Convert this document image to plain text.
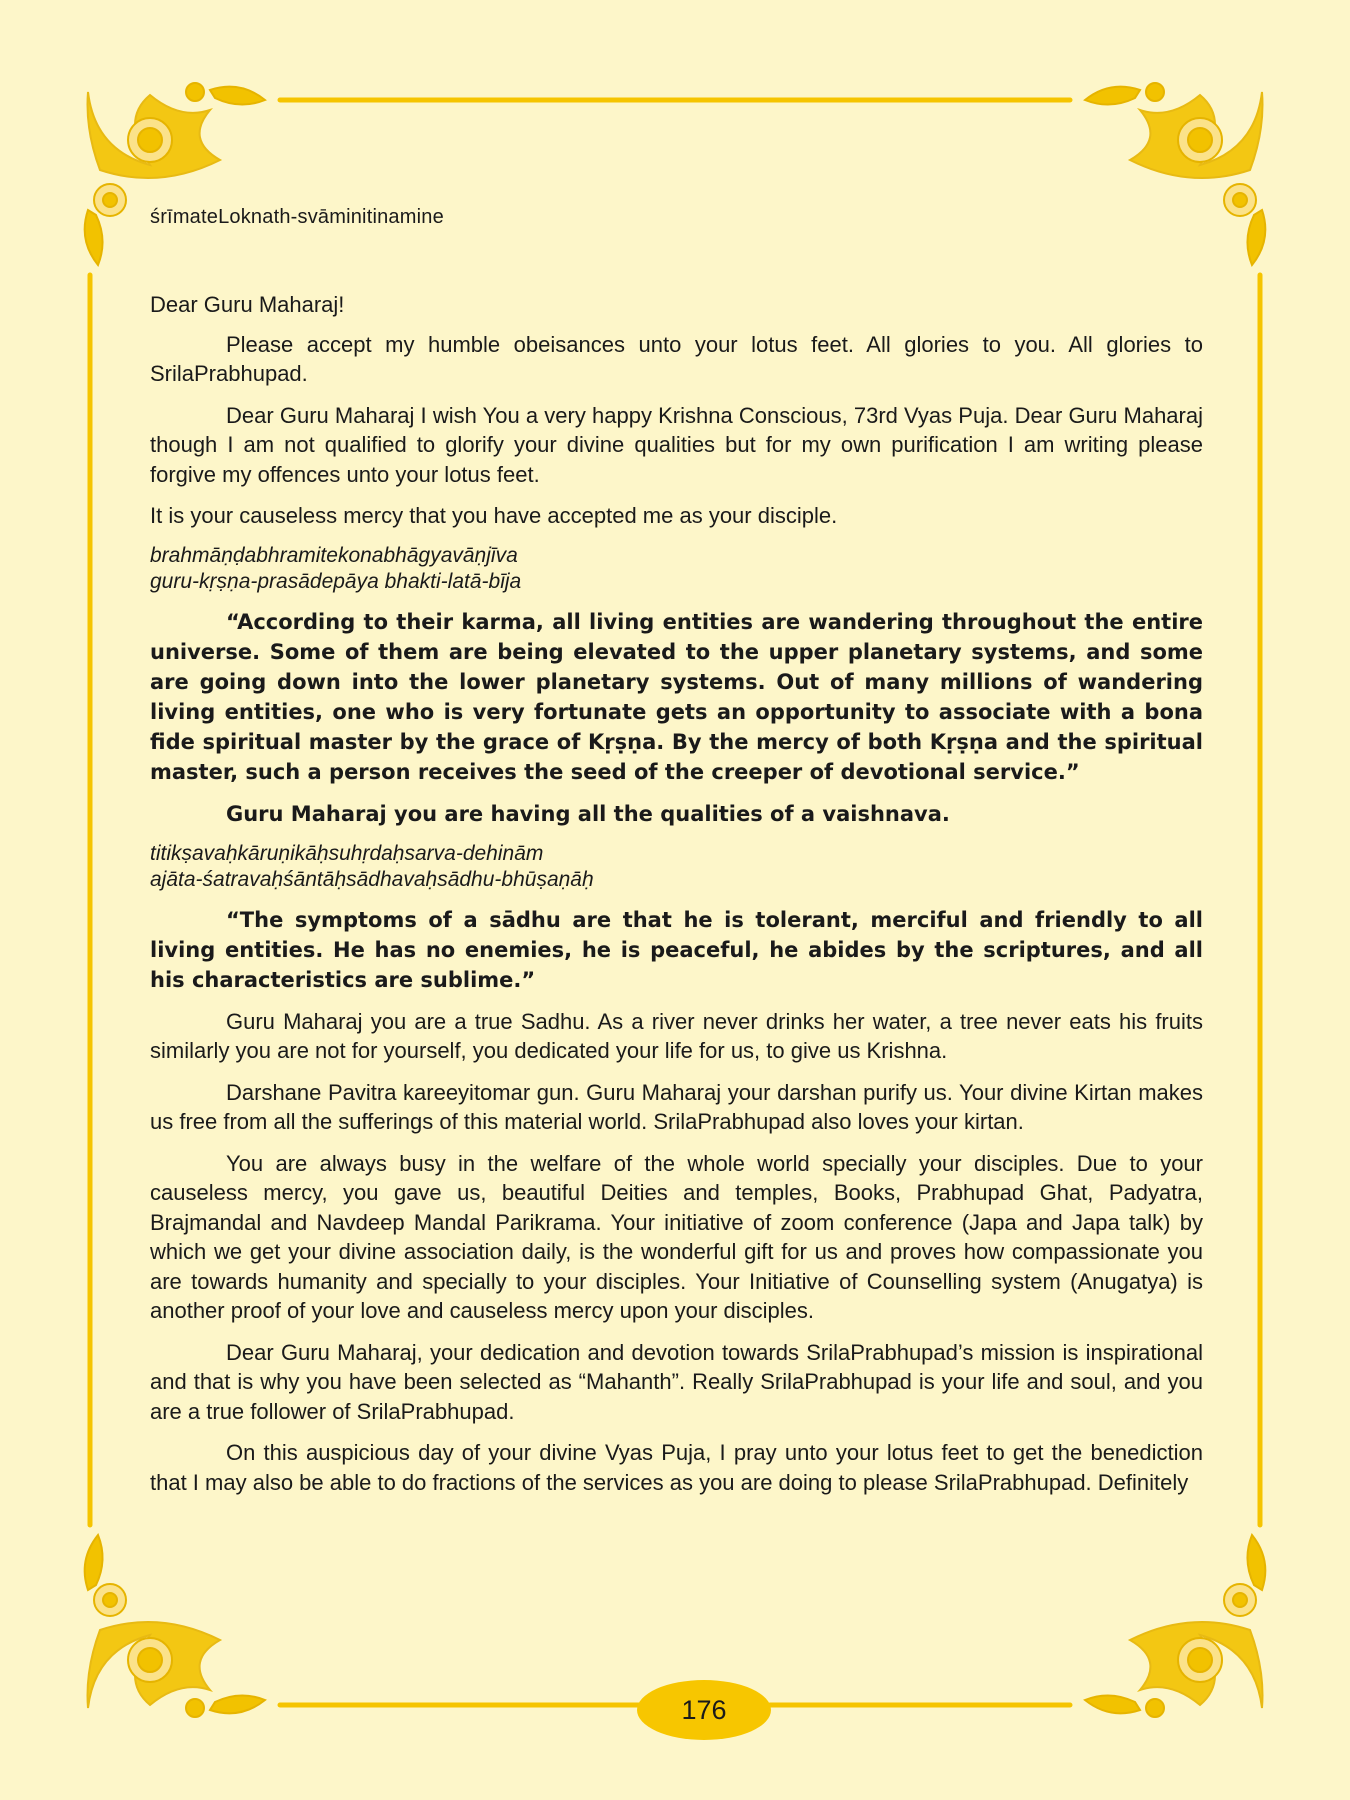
śrīmateLoknath-svāminitinamine

Dear Guru Maharaj!

Please accept my humble obeisances unto your lotus feet. All glories to you. All glories to SrilaPrabhupad.

Dear Guru Maharaj I wish You a very happy Krishna Conscious, 73rd Vyas Puja. Dear Guru Maharaj though I am not qualified to glorify your divine qualities but for my own purification I am writing please forgive my offences unto your lotus feet.

It is your causeless mercy that you have accepted me as your disciple.

brahmāṇḍabhramitekonabhāgyavāṇjīva
guru-kṛṣṇa-prasādepāya bhakti-latā-bīja

“According to their karma, all living entities are wandering throughout the entire universe. Some of them are being elevated to the upper planetary systems, and some are going down into the lower planetary systems. Out of many millions of wandering living entities, one who is very fortunate gets an opportunity to associate with a bona fide spiritual master by the grace of Kṛṣṇa. By the mercy of both Kṛṣṇa and the spiritual master, such a person receives the seed of the creeper of devotional service.”

Guru Maharaj you are having all the qualities of a vaishnava.

titikṣavaḥkāruṇikāḥsuhṛdaḥsarva-dehinām
ajāta-śatravaḥśāntāḥsādhavaḥsādhu-bhūṣaṇāḥ

“The symptoms of a sādhu are that he is tolerant, merciful and friendly to all living entities. He has no enemies, he is peaceful, he abides by the scriptures, and all his characteristics are sublime.”

Guru Maharaj you are a true Sadhu. As a river never drinks her water, a tree never eats his fruits similarly you are not for yourself, you dedicated your life for us, to give us Krishna.

Darshane Pavitra kareeyitomar gun. Guru Maharaj your darshan purify us. Your divine Kirtan makes us free from all the sufferings of this material world. SrilaPrabhupad also loves your kirtan.

You are always busy in the welfare of the whole world specially your disciples. Due to your causeless mercy, you gave us, beautiful Deities and temples, Books, Prabhupad Ghat, Padyatra, Brajmandal and Navdeep Mandal Parikrama. Your initiative of zoom conference (Japa and Japa talk) by which we get your divine association daily, is the wonderful gift for us and proves how compassionate you are towards humanity and specially to your disciples. Your Initiative of Counselling system (Anugatya) is another proof of your love and causeless mercy upon your disciples.

Dear Guru Maharaj, your dedication and devotion towards SrilaPrabhupad’s mission is inspirational and that is why you have been selected as “Mahanth”. Really SrilaPrabhupad is your life and soul, and you are a true follower of SrilaPrabhupad.

On this auspicious day of your divine Vyas Puja, I pray unto your lotus feet to get the benediction that I may also be able to do fractions of the services as you are doing to please SrilaPrabhupad. Definitely

176
